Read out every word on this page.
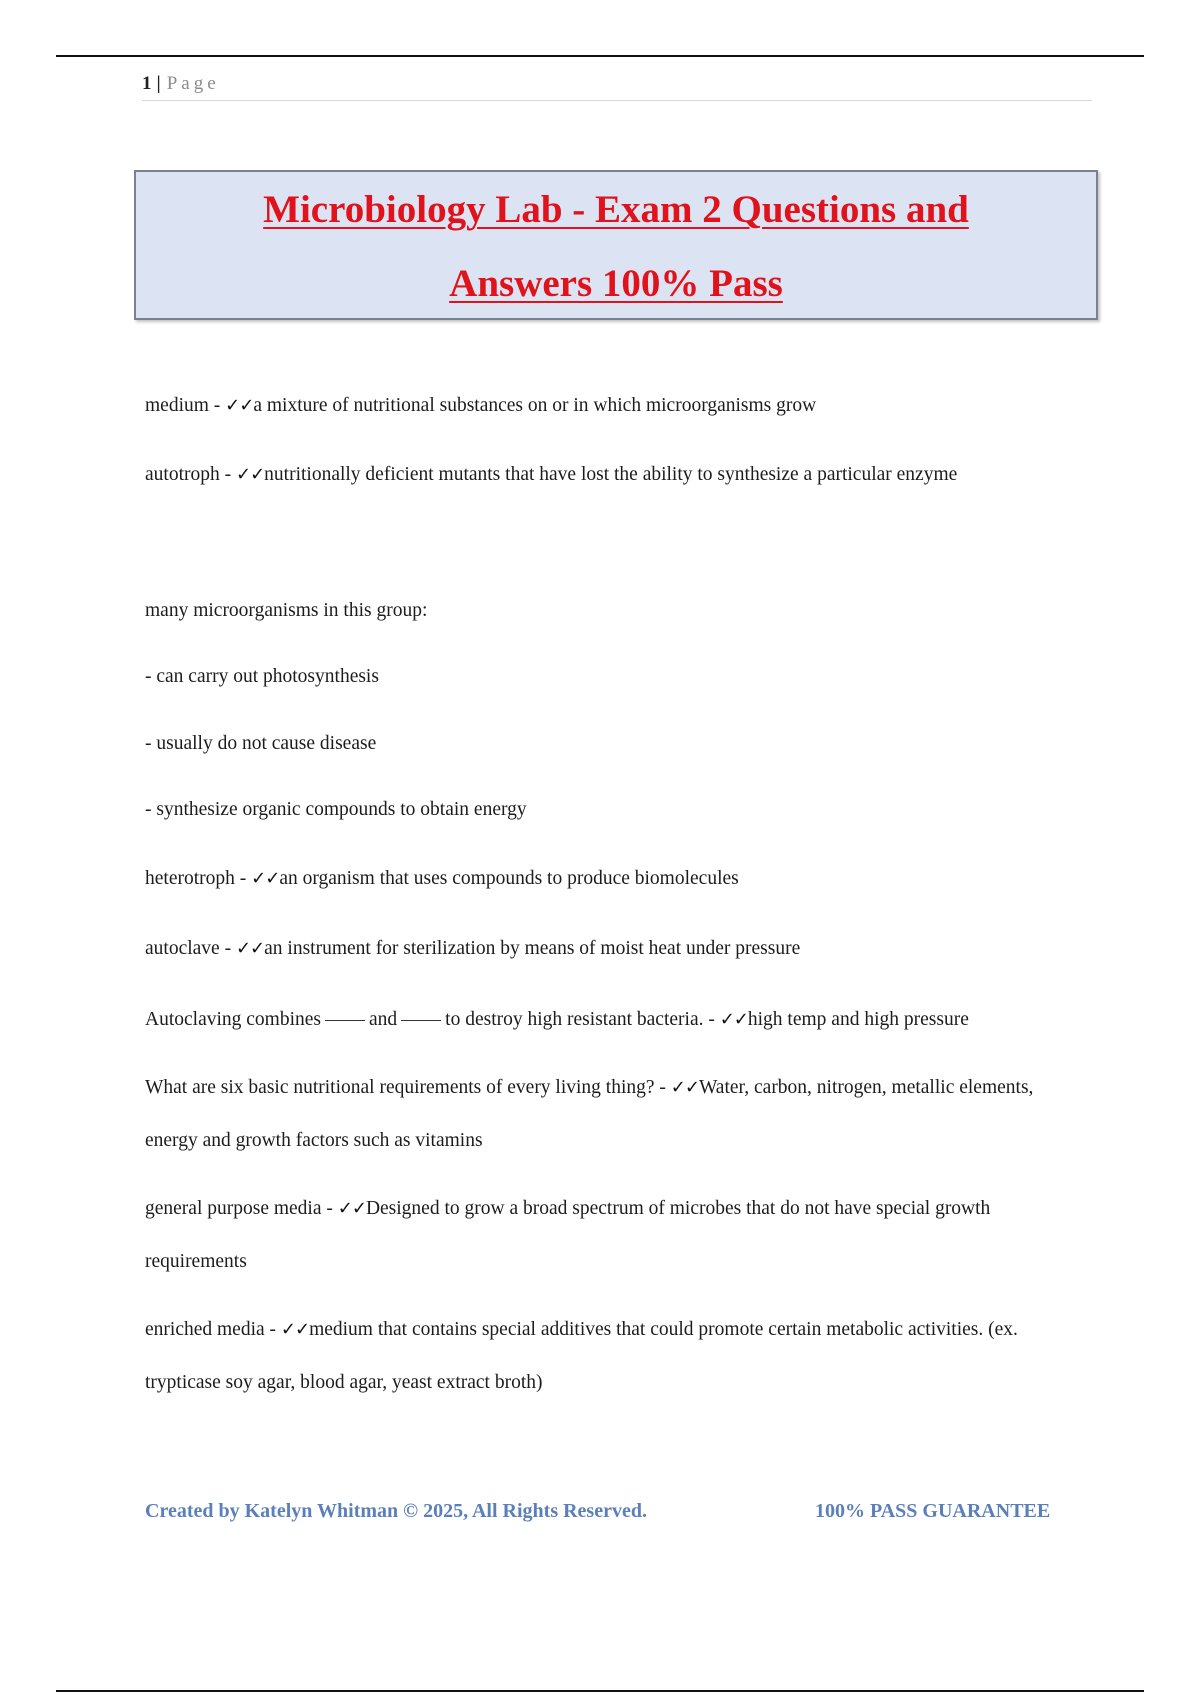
1 | Page
Microbiology Lab - Exam 2 Questions and
Answers 100% Pass
medium - ✓✓a mixture of nutritional substances on or in which microorganisms grow
autotroph - ✓✓nutritionally deficient mutants that have lost the ability to synthesize a particular enzyme
many microorganisms in this group:
- can carry out photosynthesis
- usually do not cause disease
- synthesize organic compounds to obtain energy
heterotroph - ✓✓an organism that uses compounds to produce biomolecules
autoclave - ✓✓an instrument for sterilization by means of moist heat under pressure
Autoclaving combines and to destroy high resistant bacteria. - ✓✓high temp and high pressure
What are six basic nutritional requirements of every living thing? - ✓✓Water, carbon, nitrogen, metallic elements, energy and growth factors such as vitamins
general purpose media - ✓✓Designed to grow a broad spectrum of microbes that do not have special growth requirements
enriched media - ✓✓medium that contains special additives that could promote certain metabolic activities. (ex. trypticase soy agar, blood agar, yeast extract broth)
Created by Katelyn Whitman © 2025, All Rights Reserved.	100% PASS GUARANTEE
